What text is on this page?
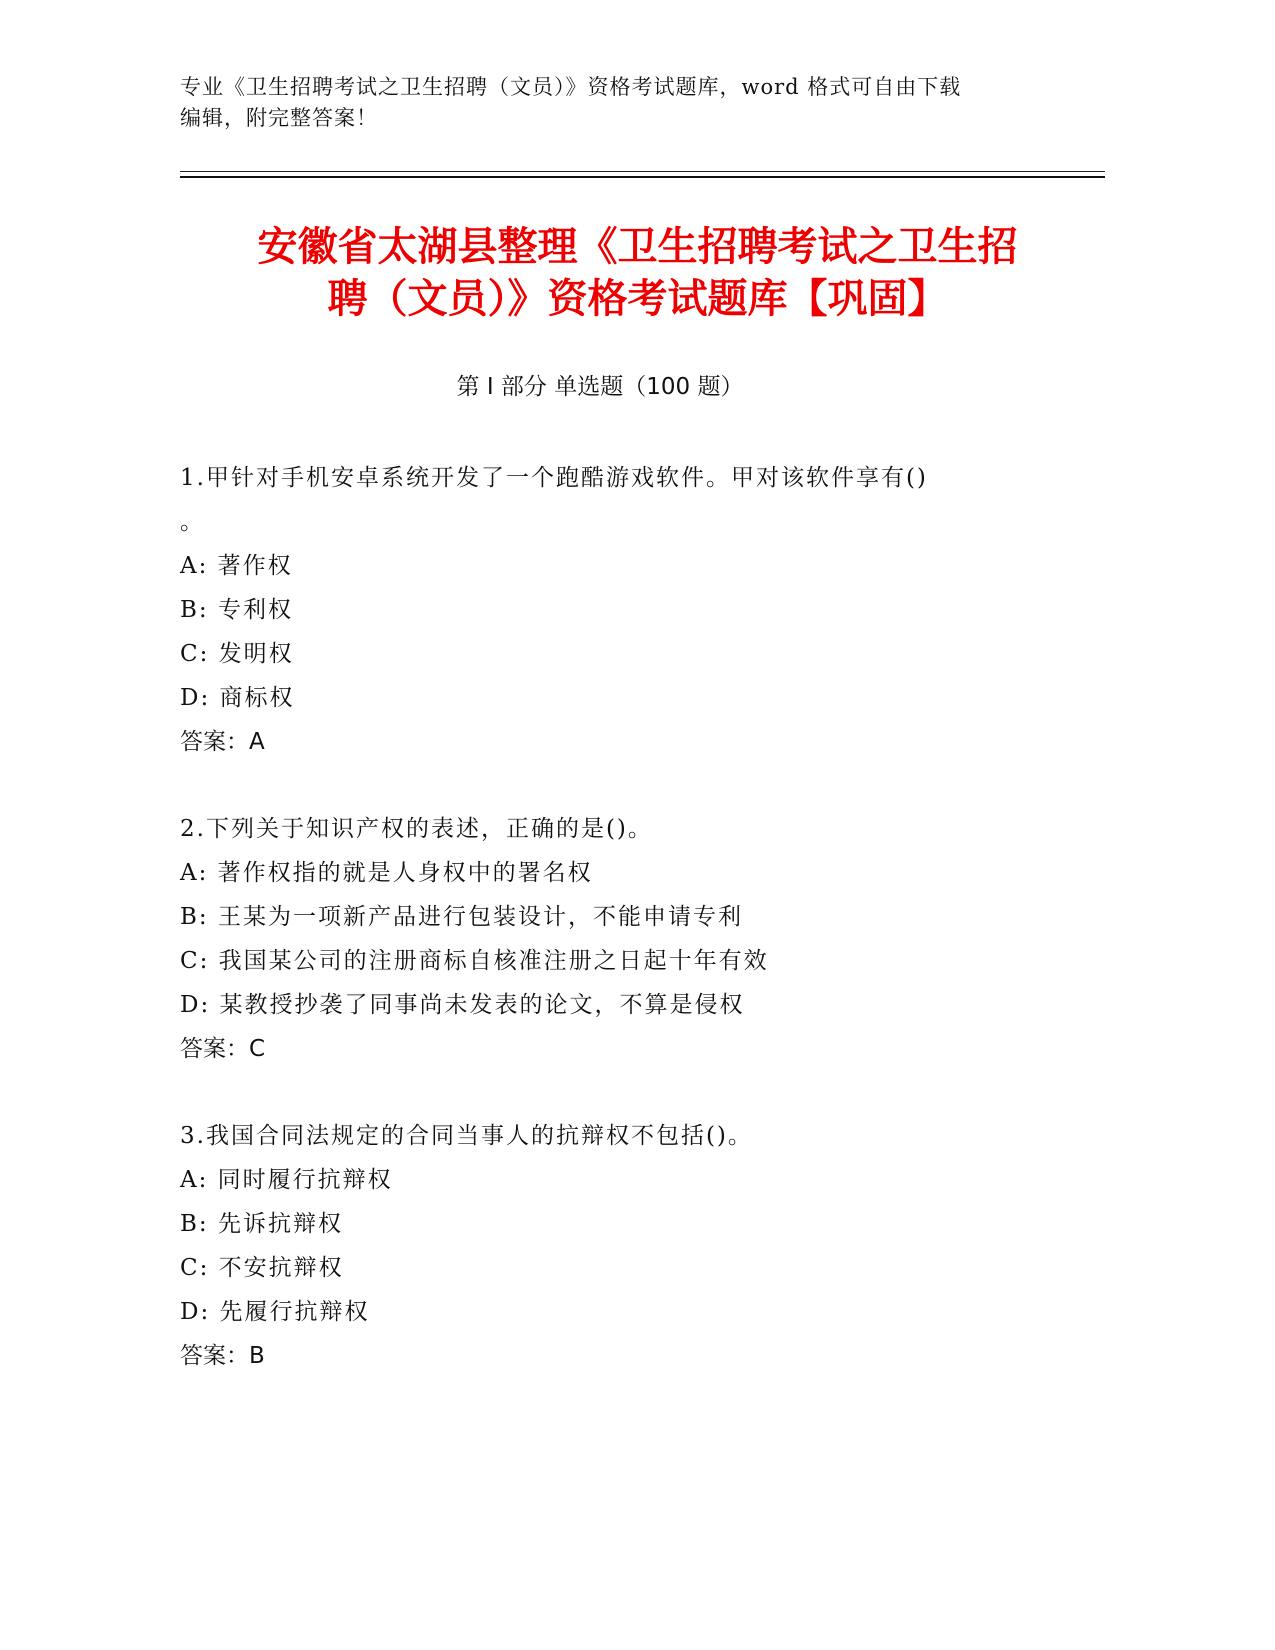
专业《卫生招聘考试之卫生招聘（文员）》资格考试题库，word 格式可自由下载
编辑，附完整答案！
安徽省太湖县整理《卫生招聘考试之卫生招
聘（文员）》资格考试题库【巩固】
第 I 部分 单选题（100 题）
1.甲针对手机安卓系统开发了一个跑酷游戏软件。甲对该软件享有()
。
A: 著作权
B: 专利权
C: 发明权
D: 商标权
答案：A
2.下列关于知识产权的表述，正确的是()。
A: 著作权指的就是人身权中的署名权
B: 王某为一项新产品进行包装设计，不能申请专利
C: 我国某公司的注册商标自核准注册之日起十年有效
D: 某教授抄袭了同事尚未发表的论文，不算是侵权
答案：C
3.我国合同法规定的合同当事人的抗辩权不包括()。
A: 同时履行抗辩权
B: 先诉抗辩权
C: 不安抗辩权
D: 先履行抗辩权
答案：B
